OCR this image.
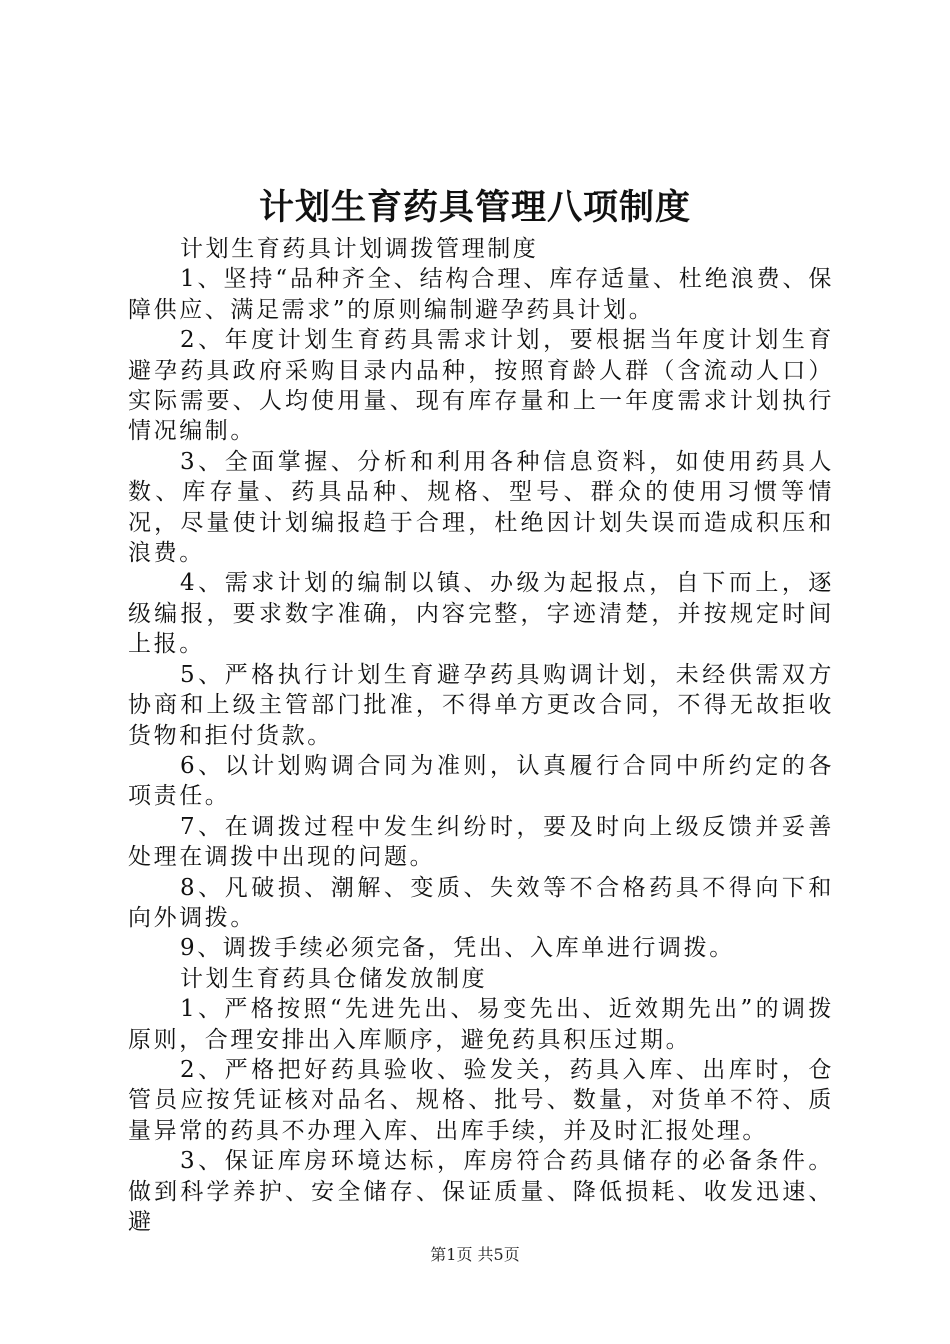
计划生育药具管理八项制度

计划生育药具计划调拨管理制度

1、坚持“品种齐全、结构合理、库存适量、杜绝浪费、保障供应、满足需求”的原则编制避孕药具计划。

2、年度计划生育药具需求计划，要根据当年度计划生育避孕药具政府采购目录内品种，按照育龄人群（含流动人口）实际需要、人均使用量、现有库存量和上一年度需求计划执行情况编制。

3、全面掌握、分析和利用各种信息资料，如使用药具人数、库存量、药具品种、规格、型号、群众的使用习惯等情况，尽量使计划编报趋于合理，杜绝因计划失误而造成积压和浪费。

4、需求计划的编制以镇、办级为起报点，自下而上，逐级编报，要求数字准确，内容完整，字迹清楚，并按规定时间上报。

5、严格执行计划生育避孕药具购调计划，未经供需双方协商和上级主管部门批准，不得单方更改合同，不得无故拒收货物和拒付货款。

6、以计划购调合同为准则，认真履行合同中所约定的各项责任。

7、在调拨过程中发生纠纷时，要及时向上级反馈并妥善处理在调拨中出现的问题。

8、凡破损、潮解、变质、失效等不合格药具不得向下和向外调拨。

9、调拨手续必须完备，凭出、入库单进行调拨。

计划生育药具仓储发放制度

1、严格按照“先进先出、易变先出、近效期先出”的调拨原则，合理安排出入库顺序，避免药具积压过期。

2、严格把好药具验收、验发关，药具入库、出库时，仓管员应按凭证核对品名、规格、批号、数量，对货单不符、质量异常的药具不办理入库、出库手续，并及时汇报处理。

3、保证库房环境达标，库房符合药具储存的必备条件。做到科学养护、安全储存、保证质量、降低损耗、收发迅速、避

第1页 共5页
